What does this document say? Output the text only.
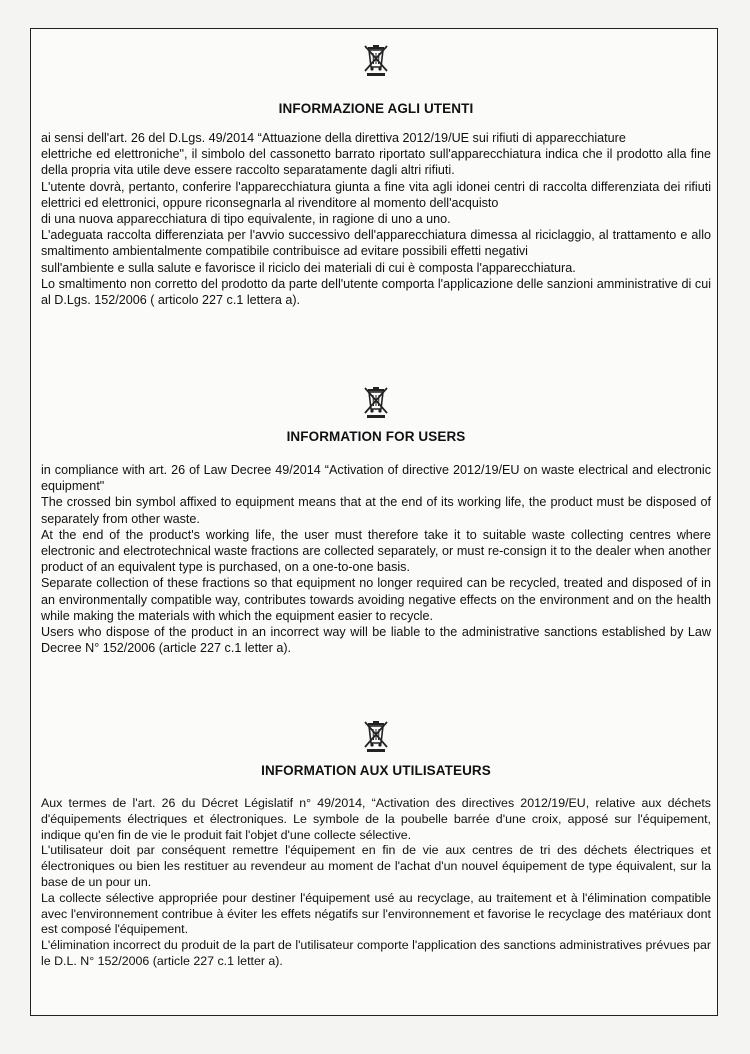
INFORMAZIONE AGLI UTENTI

ai sensi dell'art. 26 del D.Lgs. 49/2014 “Attuazione della direttiva 2012/19/UE sui rifiuti di apparecchiature

elettriche ed elettroniche", il simbolo del cassonetto barrato riportato sull'apparecchiatura indica che il prodotto alla fine della propria vita utile deve essere raccolto separatamente dagli altri rifiuti.

L'utente dovrà, pertanto, conferire l'apparecchiatura giunta a fine vita agli idonei centri di raccolta differenziata dei rifiuti elettrici ed elettronici, oppure riconsegnarla al rivenditore al momento dell'acquisto

di una nuova apparecchiatura di tipo equivalente, in ragione di uno a uno.

L'adeguata raccolta differenziata per l'avvio successivo dell'apparecchiatura dimessa al riciclaggio, al trattamento e allo smaltimento ambientalmente compatibile contribuisce ad evitare possibili effetti negativi

sull'ambiente e sulla salute e favorisce il riciclo dei materiali di cui è composta l'apparecchiatura.

Lo smaltimento non corretto del prodotto da parte dell'utente comporta l'applicazione delle sanzioni amministrative di cui al D.Lgs. 152/2006 ( articolo 227 c.1 lettera a).

INFORMATION FOR USERS

in compliance with art. 26 of Law Decree 49/2014 “Activation of directive 2012/19/EU on waste electrical and electronic equipment"

The crossed bin symbol affixed to equipment means that at the end of its working life, the product must be disposed of separately from other waste.

At the end of the product's working life, the user must therefore take it to suitable waste collecting centres where electronic and electrotechnical waste fractions are collected separately, or must re-consign it to the dealer when another product of an equivalent type is purchased, on a one-to-one basis.

Separate collection of these fractions so that equipment no longer required can be recycled, treated and disposed of in an environmentally compatible way, contributes towards avoiding negative effects on the environment and on the health while making the materials with which the equipment easier to recycle.

Users who dispose of the product in an incorrect way will be liable to the administrative sanctions established by Law Decree N° 152/2006 (article 227 c.1 letter a).

INFORMATION AUX UTILISATEURS

Aux termes de l'art. 26 du Décret Législatif n° 49/2014, “Activation des directives 2012/19/EU, relative aux déchets d'équipements électriques et électroniques. Le symbole de la poubelle barrée d'une croix, apposé sur l'équipement, indique qu'en fin de vie le produit fait l'objet d'une collecte sélective.

L'utilisateur doit par conséquent remettre l'équipement en fin de vie aux centres de tri des déchets électriques et électroniques ou bien les restituer au revendeur au moment de l'achat d'un nouvel équipement de type équivalent, sur la base de un pour un.

La collecte sélective appropriée pour destiner l'équipement usé au recyclage, au traitement et à l'élimination compatible avec l'environnement contribue à éviter les effets négatifs sur l'environnement et favorise le recyclage des matériaux dont est composé l'équipement.

L'élimination incorrect du produit de la part de l'utilisateur comporte l'application des sanctions administratives prévues par le D.L. N° 152/2006 (article 227 c.1 letter a).
